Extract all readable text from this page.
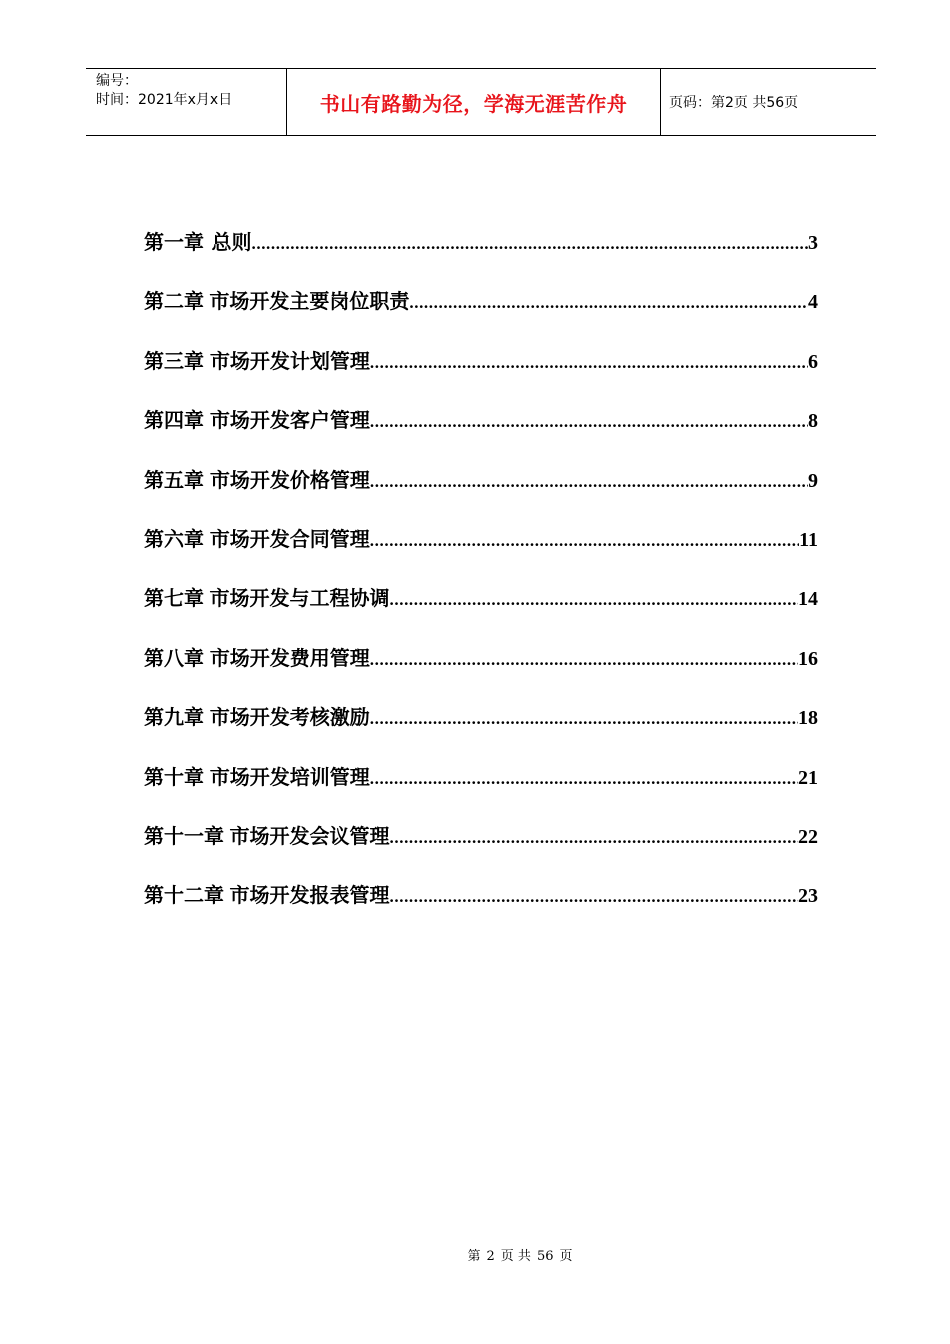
编号：
时间：2021年x月x日	书山有路勤为径，学海无涯苦作舟	页码：第2页 共56页
第一章 总则 .....	3
第二章 市场开发主要岗位职责 .....	4
第三章 市场开发计划管理 .....	6
第四章 市场开发客户管理 .....	8
第五章 市场开发价格管理 .....	9
第六章 市场开发合同管理 .....	11
第七章 市场开发与工程协调 .....	14
第八章 市场开发费用管理 .....	16
第九章 市场开发考核激励 .....	18
第十章 市场开发培训管理 .....	21
第十一章 市场开发会议管理 .....	22
第十二章 市场开发报表管理 .....	23
第 2 页 共 56 页
